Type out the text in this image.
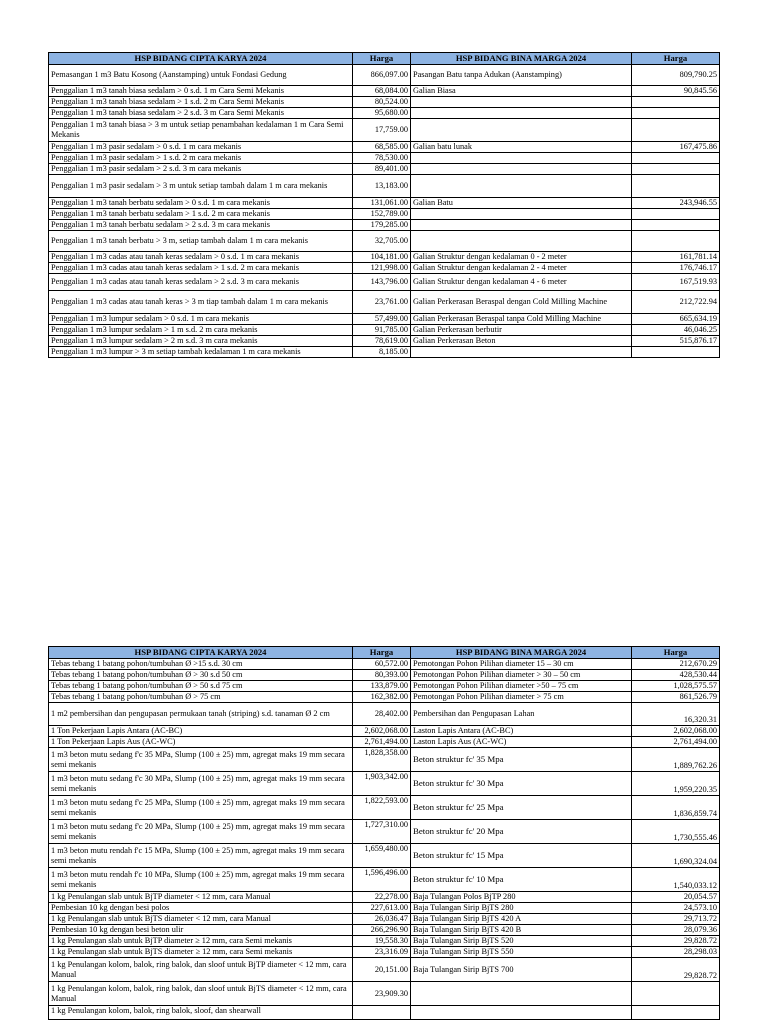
HSP BIDANG CIPTA KARYA 2024	Harga	HSP BIDANG BINA MARGA 2024	Harga
Pemasangan 1 m3 Batu Kosong (Aanstamping) untuk Fondasi Gedung	866,097.00	Pasangan Batu tanpa Adukan (Aanstamping)	809,790.25
Penggalian 1 m3 tanah biasa sedalam > 0 s.d. 1 m Cara Semi Mekanis	68,084.00	Galian Biasa	90,845.56
Penggalian 1 m3 tanah biasa sedalam > 1 s.d. 2 m Cara Semi Mekanis	80,524.00		
Penggalian 1 m3 tanah biasa sedalam > 2 s.d. 3 m Cara Semi Mekanis	95,680.00		
Penggalian 1 m3 tanah biasa > 3 m untuk setiap penambahan kedalaman 1 m Cara Semi Mekanis	17,759.00		
Penggalian 1 m3 pasir sedalam > 0 s.d. 1 m cara mekanis	68,585.00	Galian batu lunak	167,475.86
Penggalian 1 m3 pasir sedalam > 1 s.d. 2 m cara mekanis	78,530.00		
Penggalian 1 m3 pasir sedalam > 2 s.d. 3 m cara mekanis	89,401.00		
Penggalian 1 m3 pasir sedalam > 3 m untuk setiap tambah dalam 1 m cara mekanis	13,183.00		
Penggalian 1 m3 tanah berbatu sedalam > 0 s.d. 1 m cara mekanis	131,061.00	Galian Batu	243,946.55
Penggalian 1 m3 tanah berbatu sedalam > 1 s.d. 2 m cara mekanis	152,789.00		
Penggalian 1 m3 tanah berbatu sedalam > 2 s.d. 3 m cara mekanis	179,285.00		
Penggalian 1 m3 tanah berbatu > 3 m, setiap tambah dalam 1 m cara mekanis	32,705.00		
Penggalian 1 m3 cadas atau tanah keras sedalam > 0 s.d. 1 m cara mekanis	104,181.00	Galian Struktur dengan kedalaman 0 - 2 meter	161,781.14
Penggalian 1 m3 cadas atau tanah keras sedalam > 1 s.d. 2 m cara mekanis	121,998.00	Galian Struktur dengan kedalaman 2 - 4 meter	176,746.17
Penggalian 1 m3 cadas atau tanah keras sedalam > 2 s.d. 3 m cara mekanis	143,796.00	Galian Struktur dengan kedalaman 4 - 6 meter	167,519.93
Penggalian 1 m3 cadas atau tanah keras > 3 m tiap tambah dalam 1 m cara mekanis	23,761.00	Galian Perkerasan Beraspal dengan Cold Milling Machine	212,722.94
Penggalian 1 m3 lumpur sedalam > 0 s.d. 1 m cara mekanis	57,499.00	Galian Perkerasan Beraspal tanpa Cold Milling Machine	665,634.19
Penggalian 1 m3 lumpur sedalam > 1 m s.d. 2 m cara mekanis	91,785.00	Galian Perkerasan berbutir	46,046.25
Penggalian 1 m3 lumpur sedalam > 2 m s.d. 3 m cara mekanis	78,619.00	Galian Perkerasan Beton	515,876.17
Penggalian 1 m3 lumpur > 3 m setiap tambah kedalaman 1 m cara mekanis	8,185.00		
HSP BIDANG CIPTA KARYA 2024	Harga	HSP BIDANG BINA MARGA 2024	Harga
Tebas tebang 1 batang pohon/tumbuhan Ø >15 s.d. 30 cm	60,572.00	Pemotongan Pohon Pilihan diameter 15 – 30 cm	212,670.29
Tebas tebang 1 batang pohon/tumbuhan Ø > 30 s.d 50 cm	80,393.00	Pemotongan Pohon Pilihan diameter > 30 – 50 cm	428,530.44
Tebas tebang 1 batang pohon/tumbuhan Ø > 50 s.d 75 cm	133,879.00	Pemotongan Pohon Pilihan diameter >50 – 75 cm	1,028,575.57
Tebas tebang 1 batang pohon/tumbuhan Ø > 75 cm	162,382.00	Pemotongan Pohon Pilihan diameter > 75 cm	861,526.79
1 m2 pembersihan dan pengupasan permukaan tanah (striping) s.d. tanaman Ø 2 cm	28,402.00	Pembersihan dan Pengupasan Lahan	16,320.31
1 Ton Pekerjaan Lapis Antara (AC-BC)	2,602,068.00	Laston Lapis Antara (AC-BC)	2,602,068.00
1 Ton Pekerjaan Lapis Aus (AC-WC)	2,761,494.00	Laston Lapis Aus (AC-WC)	2,761,494.00
1 m3 beton mutu sedang f'c 35 MPa, Slump (100 ± 25) mm, agregat maks 19 mm secara semi mekanis	1,828,358.00	Beton struktur fc' 35 Mpa	1,889,762.26
1 m3 beton mutu sedang f'c 30 MPa, Slump (100 ± 25) mm, agregat maks 19 mm secara semi mekanis	1,903,342.00	Beton struktur fc' 30 Mpa	1,959,220.35
1 m3 beton mutu sedang f'c 25 MPa, Slump (100 ± 25) mm, agregat maks 19 mm secara semi mekanis	1,822,593.00	Beton struktur fc' 25 Mpa	1,836,859.74
1 m3 beton mutu sedang f'c 20 MPa, Slump (100 ± 25) mm, agregat maks 19 mm secara semi mekanis	1,727,310.00	Beton struktur fc' 20 Mpa	1,730,555.46
1 m3 beton mutu rendah f'c 15 MPa, Slump (100 ± 25) mm, agregat maks 19 mm secara semi mekanis	1,659,480.00	Beton struktur fc' 15 Mpa	1,690,324.04
1 m3 beton mutu rendah f'c 10 MPa, Slump (100 ± 25) mm, agregat maks 19 mm secara semi mekanis	1,596,496.00	Beton struktur fc' 10 Mpa	1,540,033.12
1 kg Penulangan slab untuk BjTP diameter < 12 mm, cara Manual	22,278.00	Baja Tulangan Polos BjTP 280	20,054.57
Pembesian 10 kg dengan besi polos	227,613.00	Baja Tulangan Sirip BjTS 280	24,573.10
1 kg Penulangan slab untuk BjTS diameter < 12 mm, cara Manual	26,036.47	Baja Tulangan Sirip BjTS 420 A	29,713.72
Pembesian 10 kg dengan besi beton ulir	266,296.90	Baja Tulangan Sirip BjTS 420 B	28,079.36
1 kg Penulangan slab untuk BjTP diameter ≥ 12 mm, cara Semi mekanis	19,558.30	Baja Tulangan Sirip BjTS 520	29,828.72
1 kg Penulangan slab untuk BjTS diameter ≥ 12 mm, cara Semi mekanis	23,316.09	Baja Tulangan Sirip BjTS 550	28,298.03
1 kg Penulangan kolom, balok, ring balok, dan sloof untuk BjTP diameter < 12 mm, cara Manual	20,151.00	Baja Tulangan Sirip BjTS 700	29,828.72
1 kg Penulangan kolom, balok, ring balok, dan sloof untuk BjTS diameter < 12 mm, cara Manual	23,909.30		
1 kg Penulangan kolom, balok, ring balok, sloof, dan shearwall			
